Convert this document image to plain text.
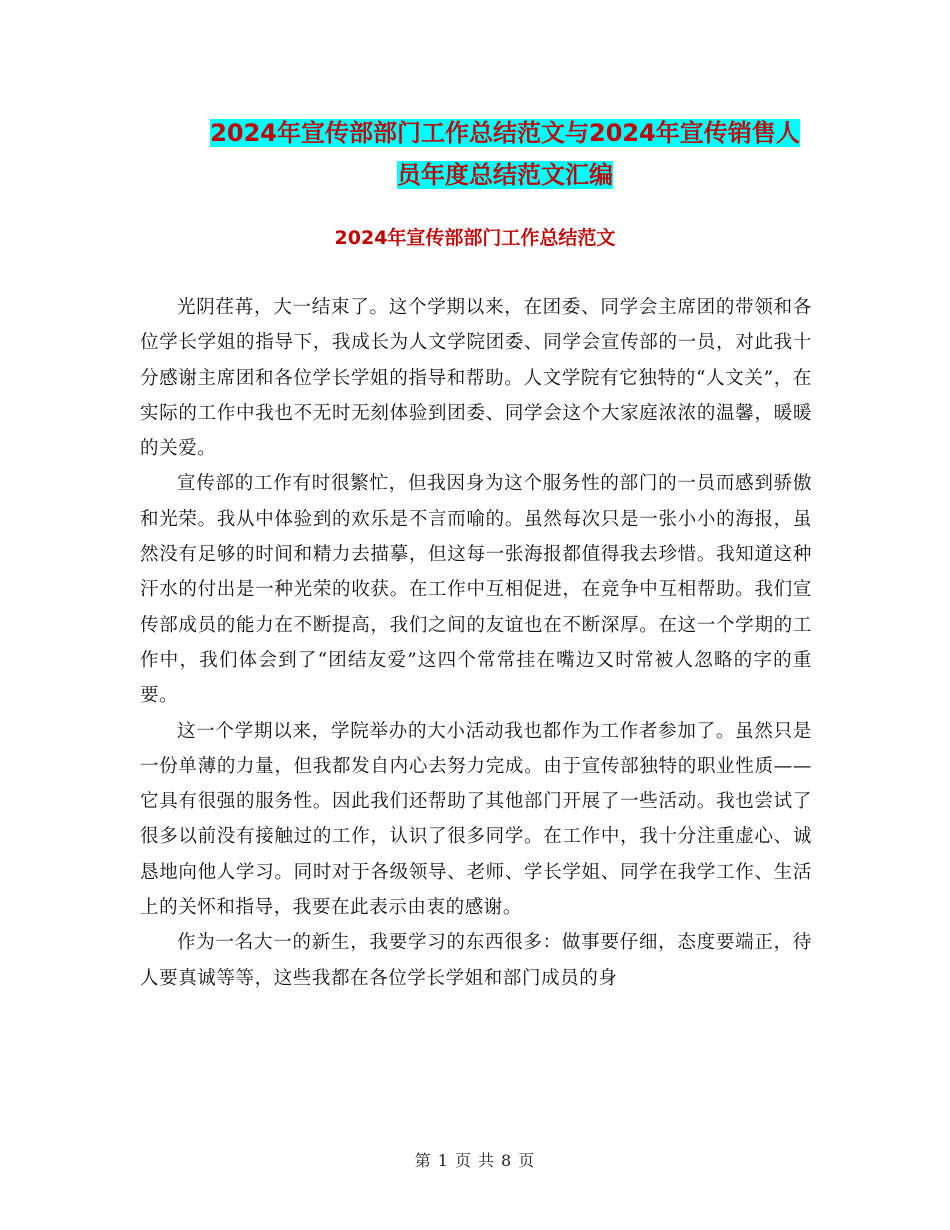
2024年宣传部部门工作总结范文与2024年宣传销售人
员年度总结范文汇编
2024年宣传部部门工作总结范文

光阴荏苒，大一结束了。这个学期以来，在团委、同学会主席团的带领和各位学长学姐的指导下，我成长为人文学院团委、同学会宣传部的一员，对此我十分感谢主席团和各位学长学姐的指导和帮助。人文学院有它独特的“人文关”，在实际的工作中我也不无时无刻体验到团委、同学会这个大家庭浓浓的温馨，暖暖的关爱。

宣传部的工作有时很繁忙，但我因身为这个服务性的部门的一员而感到骄傲和光荣。我从中体验到的欢乐是不言而喻的。虽然每次只是一张小小的海报，虽然没有足够的时间和精力去描摹，但这每一张海报都值得我去珍惜。我知道这种汗水的付出是一种光荣的收获。在工作中互相促进，在竞争中互相帮助。我们宣传部成员的能力在不断提高，我们之间的友谊也在不断深厚。在这一个学期的工作中，我们体会到了“团结友爱”这四个常常挂在嘴边又时常被人忽略的字的重要。

这一个学期以来，学院举办的大小活动我也都作为工作者参加了。虽然只是一份单薄的力量，但我都发自内心去努力完成。由于宣传部独特的职业性质——它具有很强的服务性。因此我们还帮助了其他部门开展了一些活动。我也尝试了很多以前没有接触过的工作，认识了很多同学。在工作中，我十分注重虚心、诚恳地向他人学习。同时对于各级领导、老师、学长学姐、同学在我学工作、生活上的关怀和指导，我要在此表示由衷的感谢。

作为一名大一的新生，我要学习的东西很多：做事要仔细，态度要端正，待人要真诚等等，这些我都在各位学长学姐和部门成员的身

第 1 页 共 8 页
